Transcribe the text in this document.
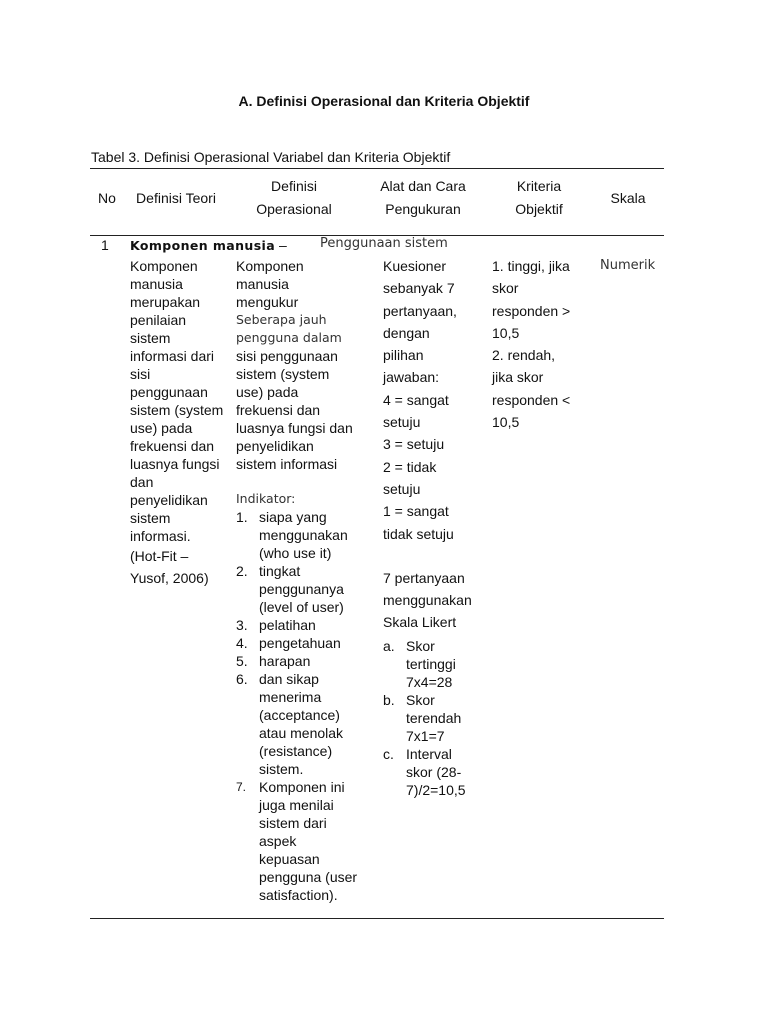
A. Definisi Operasional dan Kriteria Objektif
Tabel 3. Definisi Operasional Variabel dan Kriteria Objektif
No	Definisi Teori
Definisi
Operasional
Alat dan Cara
Pengukuran
Kriteria
Objektif
Skala
1 Komponen manusia –	Penggunaan sistem
Komponen manusia merupakan penilaian sistem informasi dari sisi penggunaan sistem (system use) pada frekuensi dan luasnya fungsi dan penyelidikan sistem informasi.
(Hot-Fit –
Yusof, 2006)
Komponen manusia mengukur
Seberapa jauh pengguna dalam
sisi penggunaan sistem (system use) pada frekuensi dan luasnya fungsi dan penyelidikan sistem informasi
Indikator:
1. siapa yang menggunakan (who use it)
2. tingkat penggunanya (level of user)
3. pelatihan
4. pengetahuan
5. harapan
6. dan sikap menerima (acceptance) atau menolak (resistance) sistem.
7. Komponen ini juga menilai sistem dari aspek kepuasan pengguna (user satisfaction).
Kuesioner
sebanyak 7
pertanyaan,
dengan
pilihan
jawaban:
4 = sangat
setuju
3 = setuju
2 = tidak
setuju
1 = sangat
tidak setuju
7 pertanyaan
menggunakan
Skala Likert
a. Skor tertinggi 7x4=28
b. Skor terendah 7x1=7
c. Interval skor (28-7)/2=10,5
1. tinggi, jika
skor
responden >
10,5
2. rendah,
jika skor
responden <
10,5
Numerik
